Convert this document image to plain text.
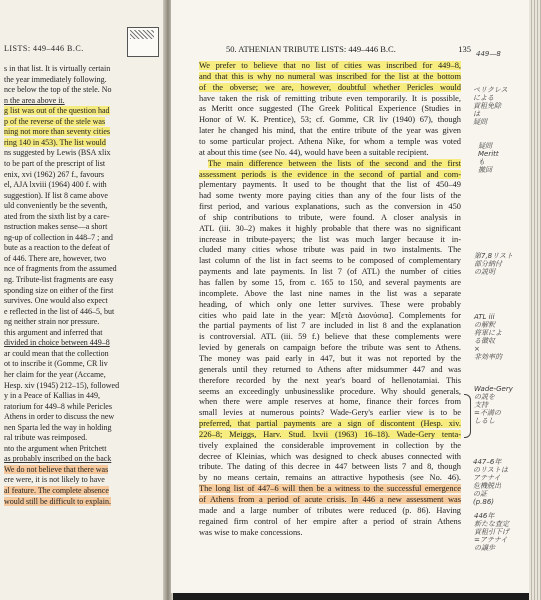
LISTS: 449–446 B.C.
s in that list. It is virtually certain
the year immediately following.
nce below the top of the stele. No
n the area above it.
g list was out of the question had
p of the reverse of the stele was
ning not more than seventy cities
ring 140 in 453). The list would
ns suggested by Lewis (BSA xlix
to be part of the prescript of list
enix, xvi (1962) 267 f., favours
el, AJA lxviii (1964) 400 f. with
suggestion). If list 8 came above
uld conveniently be the seventh,
ated from the sixth list by a care-
nstruction makes sense—a short
ng-up of collection in 448–7 ; and
bute as a reaction to the defeat of
of 446. There are, however, two
nce of fragments from the assumed
ng. Tribute-list fragments are easy
sponding size on either of the first
survives. One would also expect
e reflected in the list of 446–5, but
ng neither strain nor pressure.
this argument and inferred that
divided in choice between 449–8
ar could mean that the collection
ot to inscribe it (Gomme, CR liv
her claim for the year (Accame,
Hesp. xiv (1945) 212–15), followed
y in a Peace of Kallias in 449,
ratorium for 449–8 while Pericles
Athens in order to discuss the new
nen Sparta led the way in holding
ral tribute was reimposed.
nto the argument when Pritchett
as probably inscribed on the back
We do not believe that there was
ere were, it is not likely to have
al feature. The complete absence
would still be difficult to explain.
50. ATHENIAN TRIBUTE LISTS: 449–446 B.C.	135
We prefer to believe that no list of cities was inscribed for 449–8,
and that this is why no numeral was inscribed for the list at the bottom
of the obverse; we are, however, doubtful whether Pericles would
have taken the risk of remitting tribute even temporarily. It is possible,
as Meritt once suggested (The Greek Political Experience (Studies in
Honor of W. K. Prentice), 53; cf. Gomme, CR liv (1940) 67), though
later he changed his mind, that the entire tribute of the year was given
to some particular project. Athena Nike, for whom a temple was voted
at about this time (see No. 44), would have been a suitable recipient.
The main difference between the lists of the second and the first
assessment periods is the evidence in the second of partial and com-
plementary payments. It used to be thought that the list of 450–49
had some twenty more paying cities than any of the four lists of the
first period, and various explanations, such as the conversion in 450
of ship contributions to tribute, were found. A closer analysis in
ATL (iii. 30–2) makes it highly probable that there was no significant
increase in tribute-payers; the list was much larger because it in-
cluded many cities whose tribute was paid in two instalments. The
last column of the list in fact seems to be composed of complementary
payments and late payments. In list 7 (of ATL) the number of cities
has fallen by some 15, from c. 165 to 150, and several payments are
incomplete. Above the last nine names in the list was a separate
heading, of which only one letter survives. These were probably
cities who paid late in the year: Μ[ετὰ Διονύσια]. Complements for
the partial payments of list 7 are included in list 8 and the explanation
is controversial. ATL (iii. 59 f.) believe that these complements were
levied by generals on campaign before the tribute was sent to Athens.
The money was paid early in 447, but it was not reported by the
generals until they returned to Athens after midsummer 447 and was
therefore recorded by the next year's board of hellenotamiai. This
seems an exceedingly unbusinesslike procedure. Why should generals,
when there were ample reserves at home, finance their forces from
small levies at numerous points? Wade-Gery's earlier view is to be
preferred, that partial payments are a sign of discontent (Hesp. xiv.
226–8; Meiggs, Harv. Stud. lxvii (1963) 16–18). Wade-Gery tenta-
tively explained the considerable improvement in collection by the
decree of Kleinias, which was designed to check abuses connected with
tribute. The dating of this decree in 447 between lists 7 and 8, though
by no means certain, remains an attractive hypothesis (see No. 46).
The long list of 447–6 will then be a witness to the successful emergence
of Athens from a period of acute crisis. In 446 a new assessment was
made and a large number of tributes were reduced (p. 86). Having
regained firm control of her empire after a period of strain Athens
was wise to make concessions.
449—8
ペリクレス
による
貢租免除
は
疑問
疑問
Meritt
も
撤回
第7,8リスト
部分納付
の説明
ATL iii
の解釈
将軍によ
る徴収
×
非効率的
Wade-Gery
の説を
支持
=不満の
しるし
447–6年
のリストは
アテナイ
危機脱出
の証
(p.86)
446年
新たな査定
貢租引下げ
=アテナイ
の譲歩
